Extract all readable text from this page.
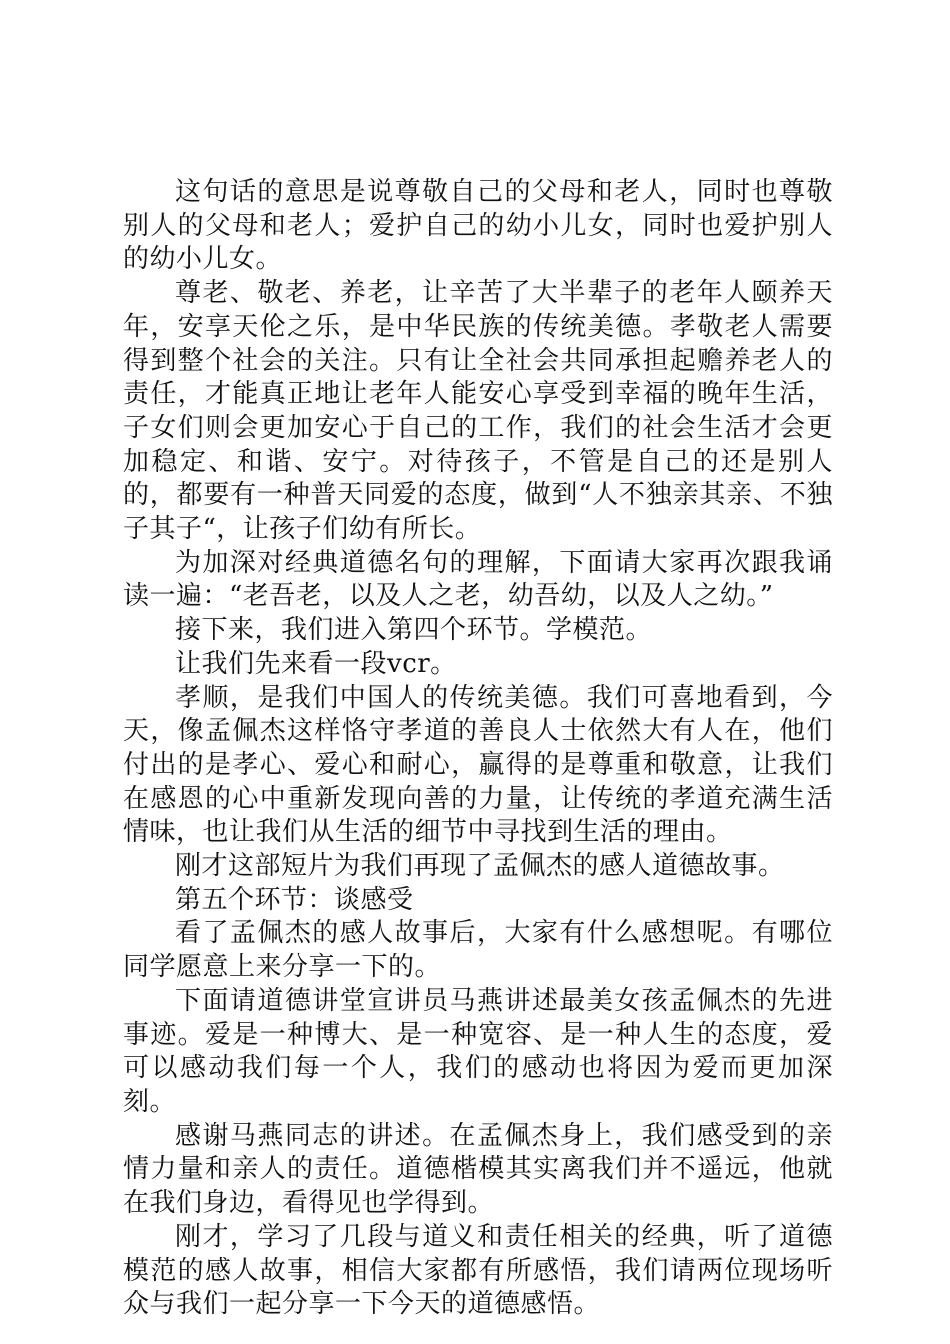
这句话的意思是说尊敬自己的父母和老人，同时也尊敬别人的父母和老人；爱护自己的幼小儿女，同时也爱护别人的幼小儿女。

尊老、敬老、养老，让辛苦了大半辈子的老年人颐养天年，安享天伦之乐，是中华民族的传统美德。孝敬老人需要得到整个社会的关注。只有让全社会共同承担起赡养老人的责任，才能真正地让老年人能安心享受到幸福的晚年生活，子女们则会更加安心于自己的工作，我们的社会生活才会更加稳定、和谐、安宁。对待孩子，不管是自己的还是别人的，都要有一种普天同爱的态度，做到“人不独亲其亲、不独子其子“，让孩子们幼有所长。

为加深对经典道德名句的理解，下面请大家再次跟我诵读一遍：“老吾老，以及人之老，幼吾幼，以及人之幼。”

接下来，我们进入第四个环节。学模范。

让我们先来看一段vcr。

孝顺，是我们中国人的传统美德。我们可喜地看到，今天，像孟佩杰这样恪守孝道的善良人士依然大有人在，他们付出的是孝心、爱心和耐心，赢得的是尊重和敬意，让我们在感恩的心中重新发现向善的力量，让传统的孝道充满生活情味，也让我们从生活的细节中寻找到生活的理由。

刚才这部短片为我们再现了孟佩杰的感人道德故事。

第五个环节：谈感受

看了孟佩杰的感人故事后，大家有什么感想呢。有哪位同学愿意上来分享一下的。

下面请道德讲堂宣讲员马燕讲述最美女孩孟佩杰的先进事迹。爱是一种博大、是一种宽容、是一种人生的态度，爱可以感动我们每一个人，我们的感动也将因为爱而更加深刻。

感谢马燕同志的讲述。在孟佩杰身上，我们感受到的亲情力量和亲人的责任。道德楷模其实离我们并不遥远，他就在我们身边，看得见也学得到。

刚才，学习了几段与道义和责任相关的经典，听了道德模范的感人故事，相信大家都有所感悟，我们请两位现场听众与我们一起分享一下今天的道德感悟。
